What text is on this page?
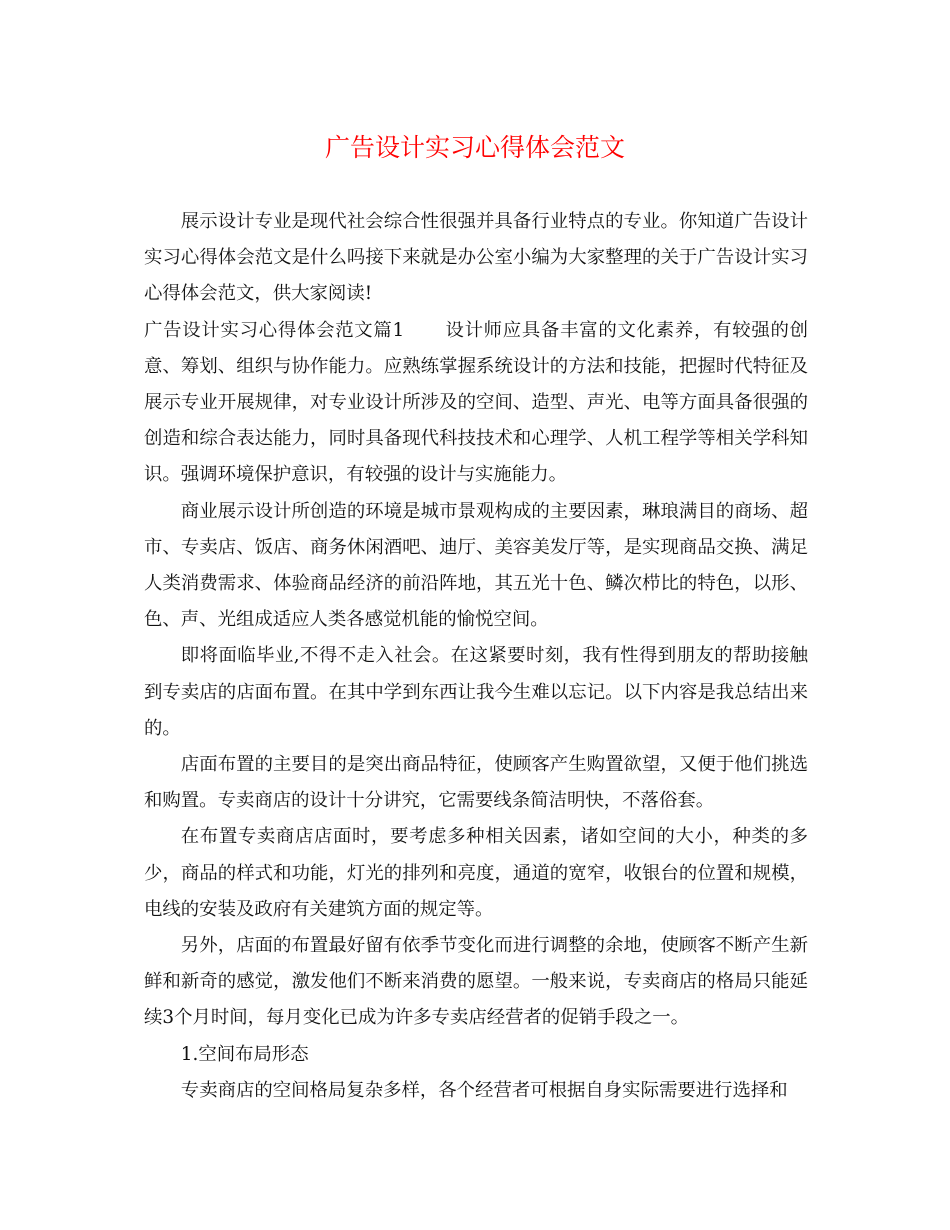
广告设计实习心得体会范文

展示设计专业是现代社会综合性很强并具备行业特点的专业。你知道广告设计实习心得体会范文是什么吗接下来就是办公室小编为大家整理的关于广告设计实习心得体会范文，供大家阅读!

广告设计实习心得体会范文篇1 设计师应具备丰富的文化素养，有较强的创意、筹划、组织与协作能力。应熟练掌握系统设计的方法和技能，把握时代特征及展示专业开展规律，对专业设计所涉及的空间、造型、声光、电等方面具备很强的创造和综合表达能力，同时具备现代科技技术和心理学、人机工程学等相关学科知识。强调环境保护意识，有较强的设计与实施能力。

商业展示设计所创造的环境是城市景观构成的主要因素，琳琅满目的商场、超市、专卖店、饭店、商务休闲酒吧、迪厅、美容美发厅等，是实现商品交换、满足人类消费需求、体验商品经济的前沿阵地，其五光十色、鳞次栉比的特色，以形、色、声、光组成适应人类各感觉机能的愉悦空间。

即将面临毕业,不得不走入社会。在这紧要时刻，我有性得到朋友的帮助接触到专卖店的店面布置。在其中学到东西让我今生难以忘记。以下内容是我总结出来的。

店面布置的主要目的是突出商品特征，使顾客产生购置欲望，又便于他们挑选和购置。专卖商店的设计十分讲究，它需要线条简洁明快，不落俗套。

在布置专卖商店店面时，要考虑多种相关因素，诸如空间的大小，种类的多少，商品的样式和功能，灯光的排列和亮度，通道的宽窄，收银台的位置和规模，电线的安装及政府有关建筑方面的规定等。

另外，店面的布置最好留有依季节变化而进行调整的余地，使顾客不断产生新鲜和新奇的感觉，激发他们不断来消费的愿望。一般来说，专卖商店的格局只能延续3个月时间，每月变化已成为许多专卖店经营者的促销手段之一。

1.空间布局形态

专卖商店的空间格局复杂多样，各个经营者可根据自身实际需要进行选择和
